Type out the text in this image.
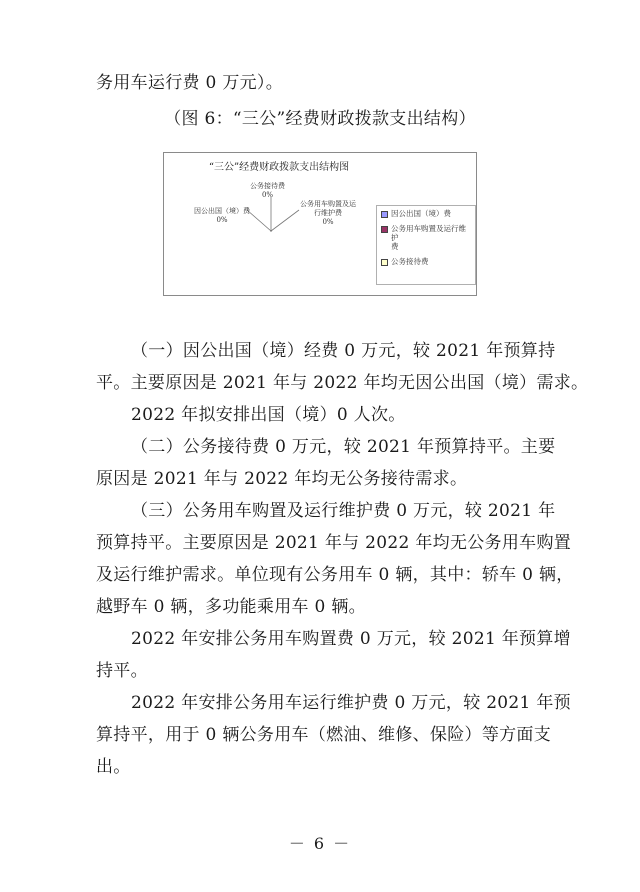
务用车运行费 0 万元）。
（图 6：“三公”经费财政拨款支出结构）
“三公”经费财政拨款支出结构图
公务接待费
0%
因公出国（境）费
0%
公务用车购置及运
行维护费
0%
因公出国（境）费
公务用车购置及运行维护
费
公务接待费
（一）因公出国（境）经费 0 万元，较 2021 年预算持
平。主要原因是 2021 年与 2022 年均无因公出国（境）需求。
2022 年拟安排出国（境）0 人次。
（二）公务接待费 0 万元，较 2021 年预算持平。主要
原因是 2021 年与 2022 年均无公务接待需求。
（三）公务用车购置及运行维护费 0 万元，较 2021 年
预算持平。主要原因是 2021 年与 2022 年均无公务用车购置
及运行维护需求。单位现有公务用车 0 辆，其中：轿车 0 辆，
越野车 0 辆，多功能乘用车 0 辆。
2022 年安排公务用车购置费 0 万元，较 2021 年预算增
持平。
2022 年安排公务用车运行维护费 0 万元，较 2021 年预
算持平，用于 0 辆公务用车（燃油、维修、保险）等方面支
出。
－ 6 －
